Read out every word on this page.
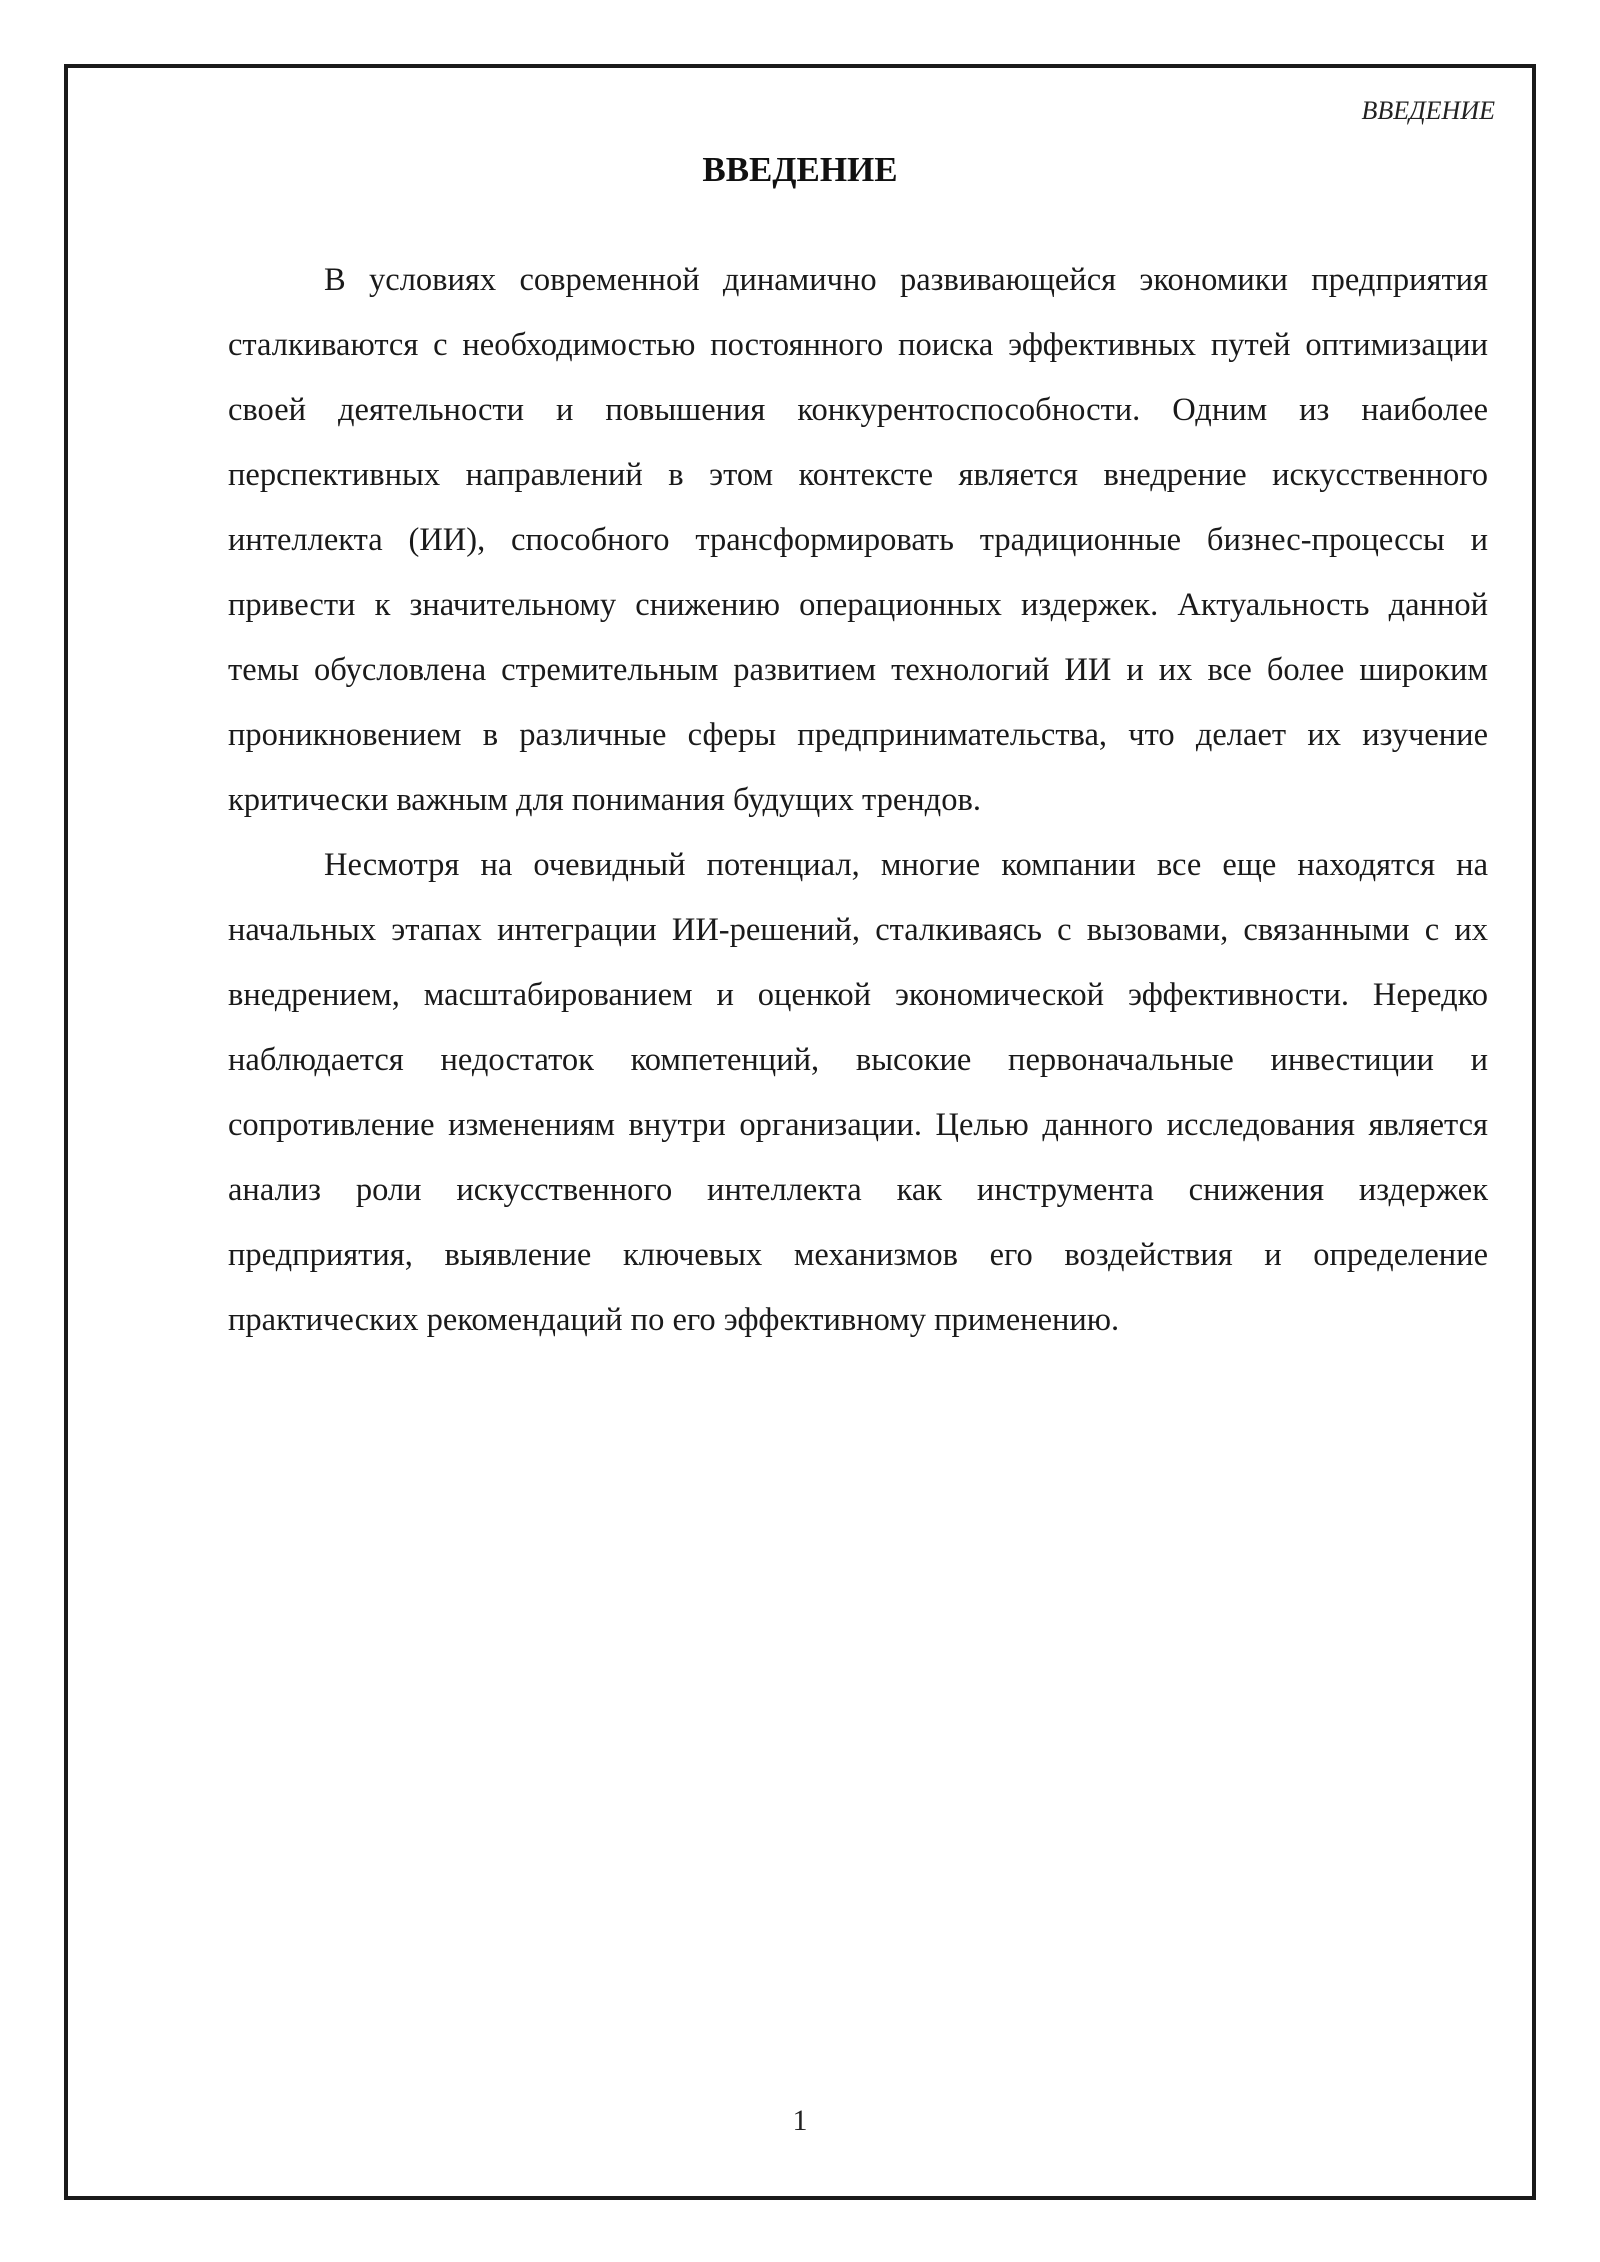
ВВЕДЕНИЕ
ВВЕДЕНИЕ

В условиях современной динамично развивающейся экономики предприятия сталкиваются с необходимостью постоянного поиска эффективных путей оптимизации своей деятельности и повышения конкурентоспособности. Одним из наиболее перспективных направлений в этом контексте является внедрение искусственного интеллекта (ИИ), способного трансформировать традиционные бизнес-процессы и привести к значительному снижению операционных издержек. Актуальность данной темы обусловлена стремительным развитием технологий ИИ и их все более широким проникновением в различные сферы предпринимательства, что делает их изучение критически важным для понимания будущих трендов.

Несмотря на очевидный потенциал, многие компании все еще находятся на начальных этапах интеграции ИИ-решений, сталкиваясь с вызовами, связанными с их внедрением, масштабированием и оценкой экономической эффективности. Нередко наблюдается недостаток компетенций, высокие первоначальные инвестиции и сопротивление изменениям внутри организации. Целью данного исследования является анализ роли искусственного интеллекта как инструмента снижения издержек предприятия, выявление ключевых механизмов его воздействия и определение практических рекомендаций по его эффективному применению.

1
